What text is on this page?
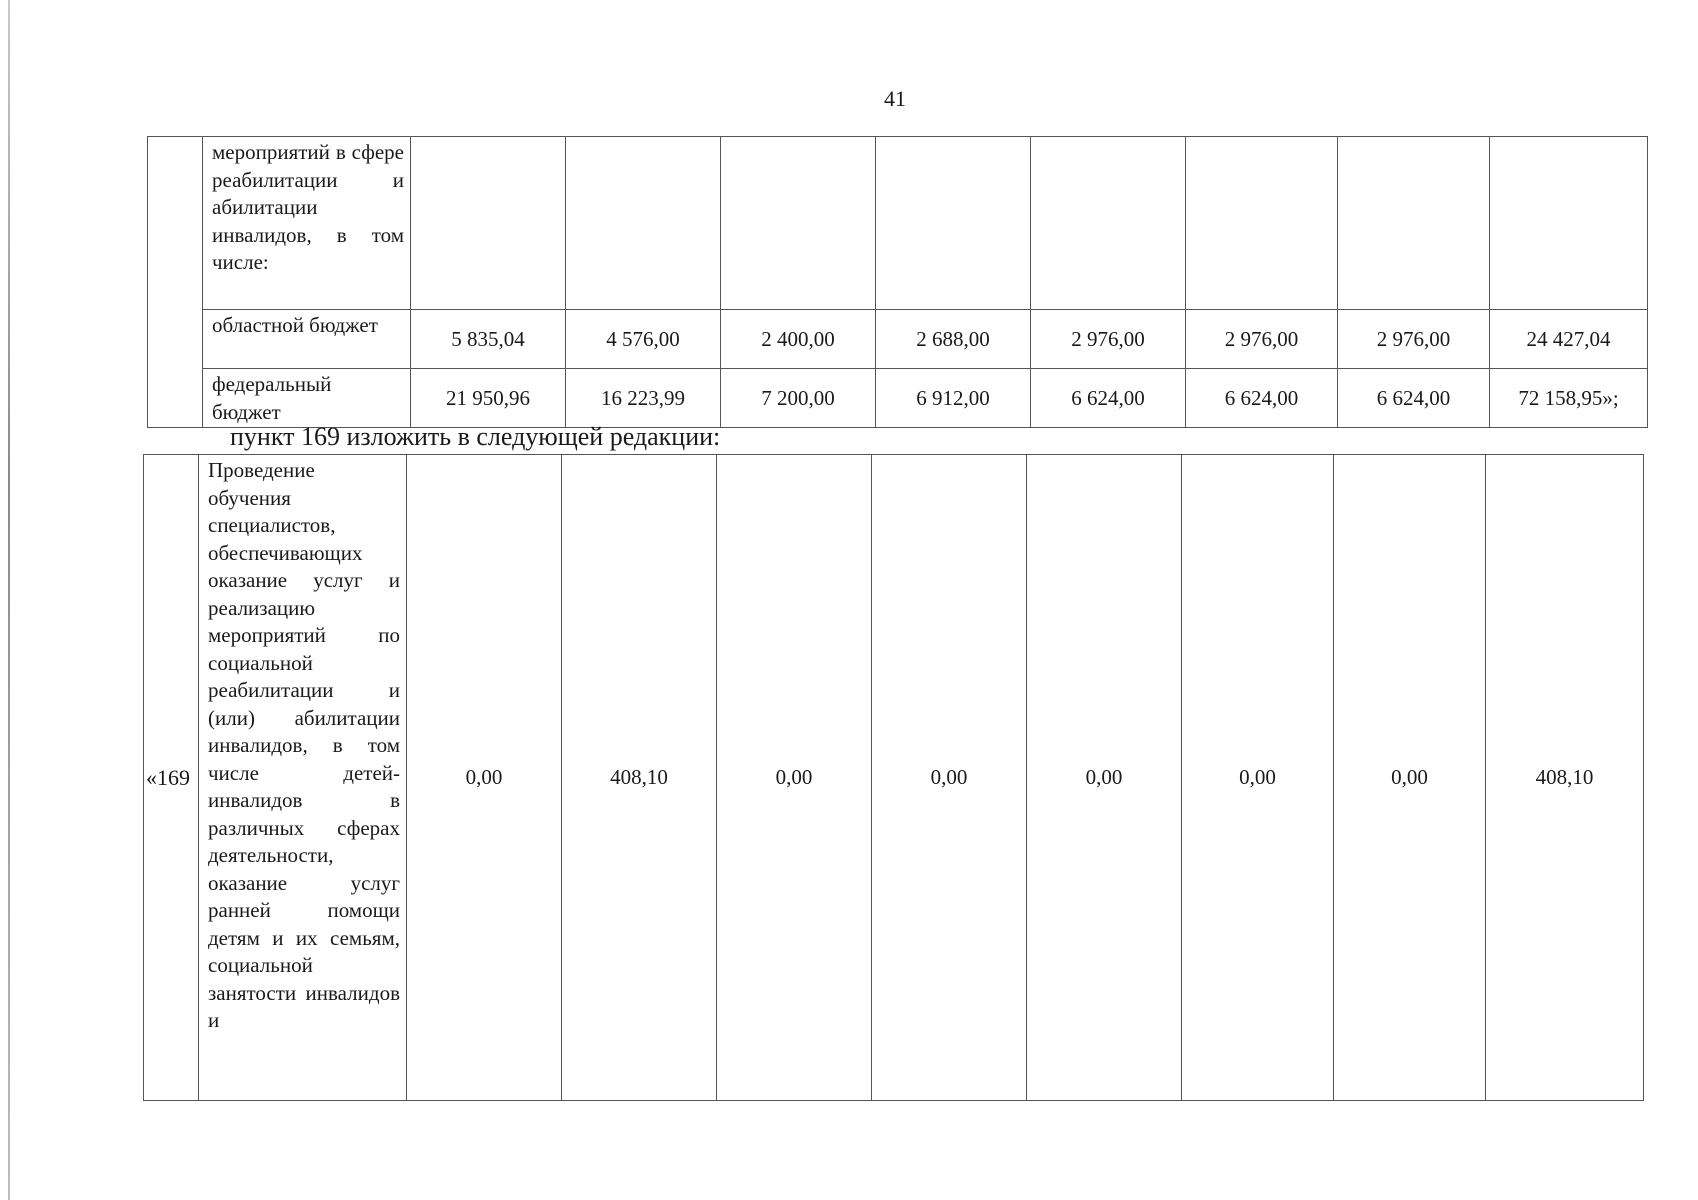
41
	мероприятий в сфере реабилитации и абилитации инвалидов, в том числе:								
	областной бюджет	5 835,04	4 576,00	2 400,00	2 688,00	2 976,00	2 976,00	2 976,00	24 427,04
	федеральный бюджет	21 950,96	16 223,99	7 200,00	6 912,00	6 624,00	6 624,00	6 624,00	72 158,95»;
пункт 169 изложить в следующей редакции:
«169	Проведение обучения специалистов, обеспечивающих оказание услуг и реализацию мероприятий по социальной реабилитации и (или) абилитации инвалидов, в том числе детей-инвалидов в различных сферах деятельности, оказание услуг ранней помощи детям и их семьям, социальной занятости инвалидов и	0,00	408,10	0,00	0,00	0,00	0,00	0,00	408,10
